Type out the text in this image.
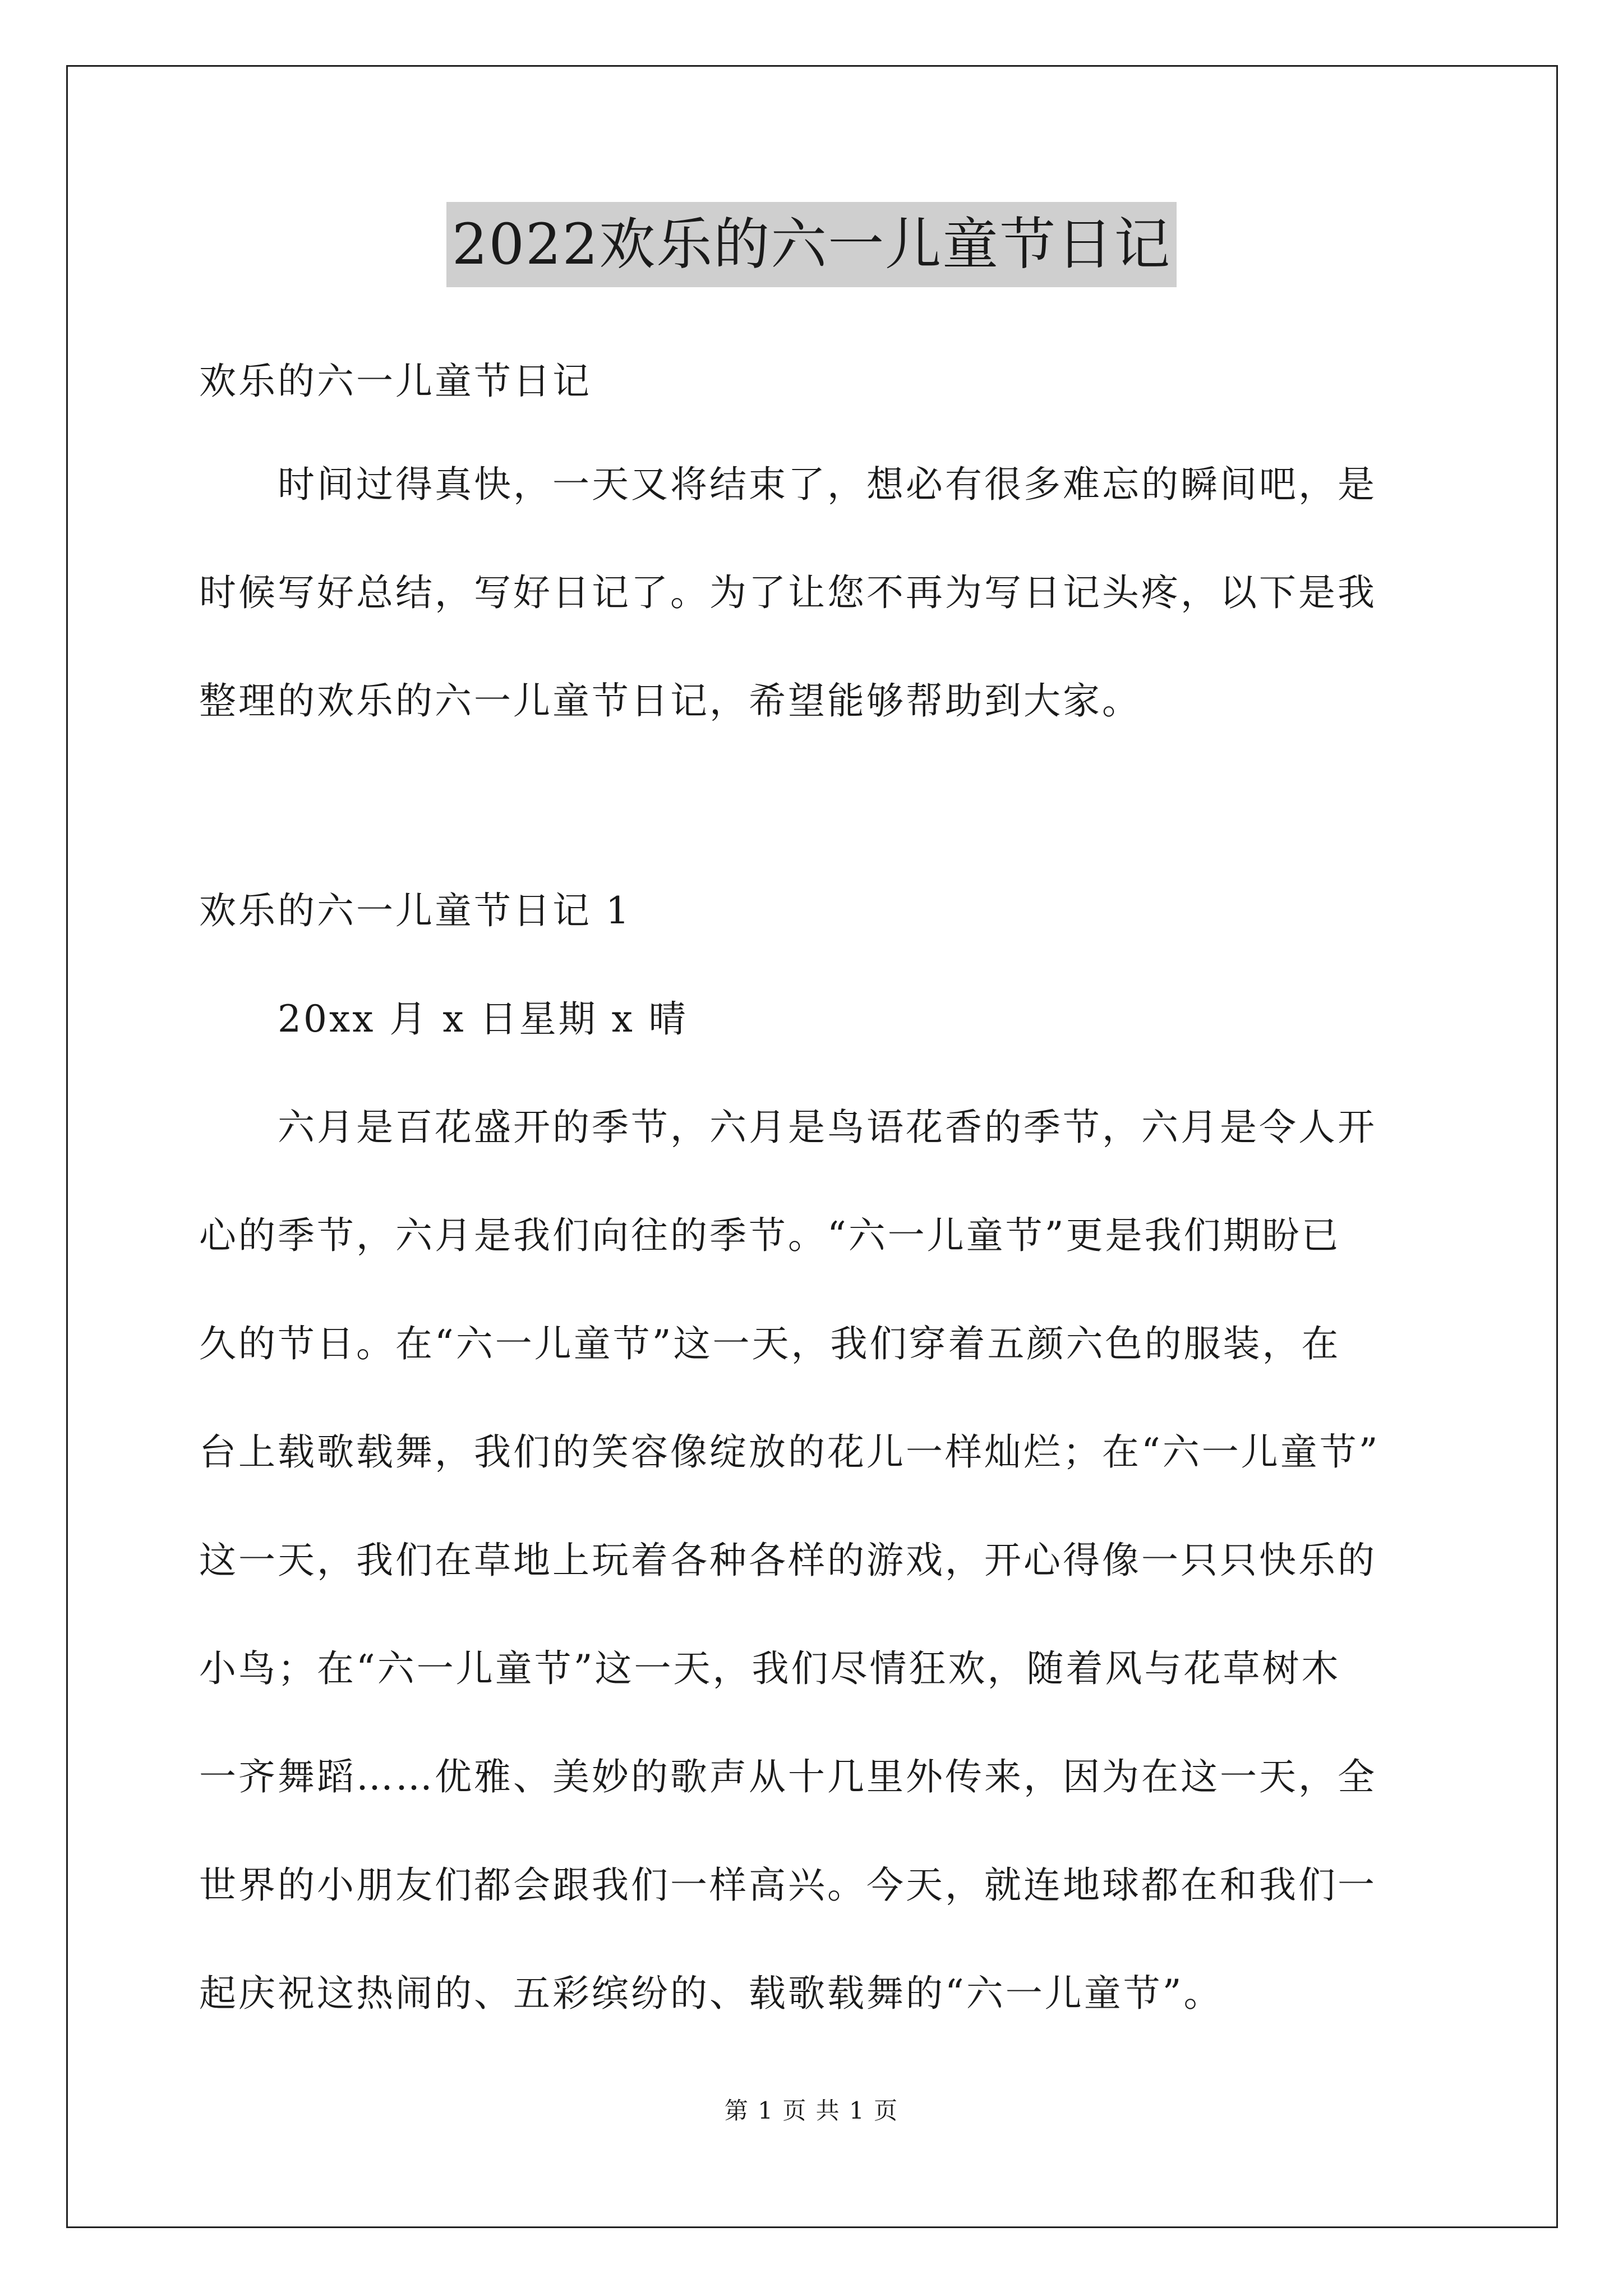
2022欢乐的六一儿童节日记
欢乐的六一儿童节日记
时间过得真快，一天又将结束了，想必有很多难忘的瞬间吧，是
时候写好总结，写好日记了。为了让您不再为写日记头疼，以下是我
整理的欢乐的六一儿童节日记，希望能够帮助到大家。
欢乐的六一儿童节日记 1
20xx 月 x 日星期 x 晴
六月是百花盛开的季节，六月是鸟语花香的季节，六月是令人开
心的季节，六月是我们向往的季节。“六一儿童节”更是我们期盼已
久的节日。在“六一儿童节”这一天，我们穿着五颜六色的服装，在
台上载歌载舞，我们的笑容像绽放的花儿一样灿烂；在“六一儿童节”
这一天，我们在草地上玩着各种各样的游戏，开心得像一只只快乐的
小鸟；在“六一儿童节”这一天，我们尽情狂欢，随着风与花草树木
一齐舞蹈……优雅、美妙的歌声从十几里外传来，因为在这一天，全
世界的小朋友们都会跟我们一样高兴。今天，就连地球都在和我们一
起庆祝这热闹的、五彩缤纷的、载歌载舞的“六一儿童节”。
第 1 页 共 1 页
